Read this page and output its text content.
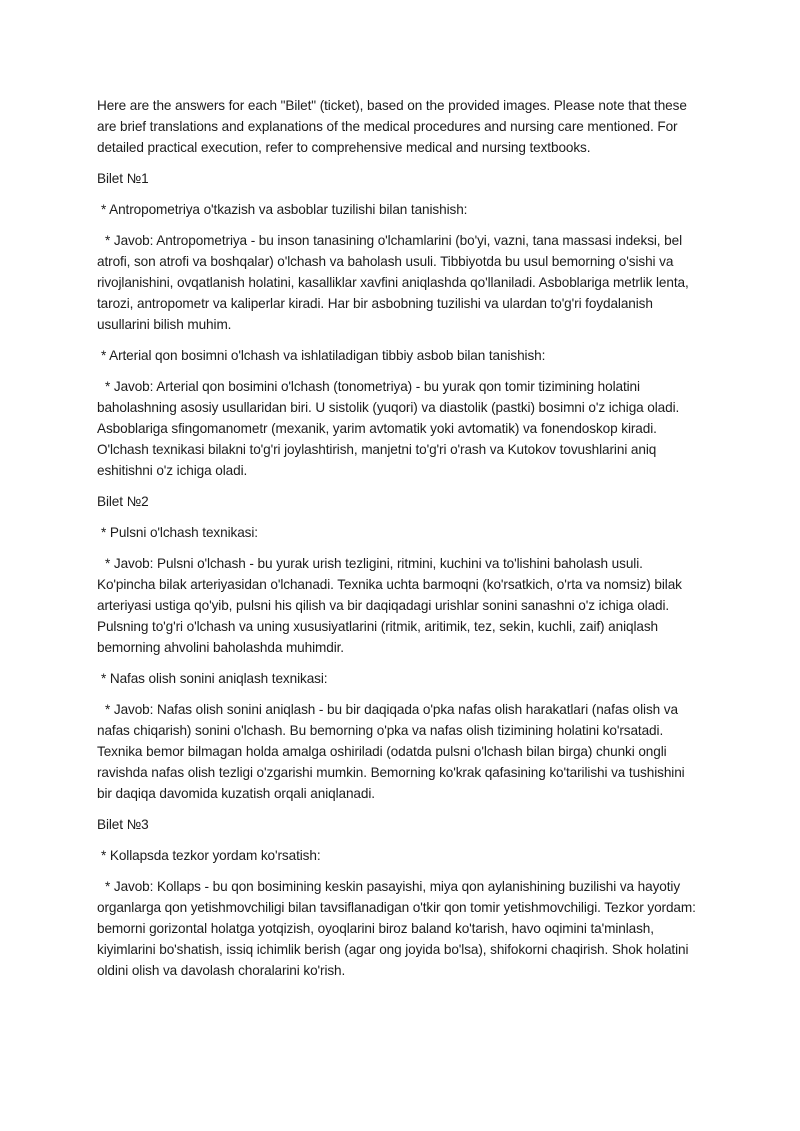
Here are the answers for each "Bilet" (ticket), based on the provided images. Please note that these are brief translations and explanations of the medical procedures and nursing care mentioned. For detailed practical execution, refer to comprehensive medical and nursing textbooks.

Bilet №1

* Antropometriya o'tkazish va asboblar tuzilishi bilan tanishish:

* Javob: Antropometriya - bu inson tanasining o'lchamlarini (bo'yi, vazni, tana massasi indeksi, bel atrofi, son atrofi va boshqalar) o'lchash va baholash usuli. Tibbiyotda bu usul bemorning o'sishi va rivojlanishini, ovqatlanish holatini, kasalliklar xavfini aniqlashda qo'llaniladi. Asboblariga metrlik lenta, tarozi, antropometr va kaliperlar kiradi. Har bir asbobning tuzilishi va ulardan to'g'ri foydalanish usullarini bilish muhim.

* Arterial qon bosimni o'lchash va ishlatiladigan tibbiy asbob bilan tanishish:

* Javob: Arterial qon bosimini o'lchash (tonometriya) - bu yurak qon tomir tizimining holatini baholashning asosiy usullaridan biri. U sistolik (yuqori) va diastolik (pastki) bosimni o'z ichiga oladi. Asboblariga sfingomanometr (mexanik, yarim avtomatik yoki avtomatik) va fonendoskop kiradi. O'lchash texnikasi bilakni to'g'ri joylashtirish, manjetni to'g'ri o'rash va Kutokov tovushlarini aniq eshitishni o'z ichiga oladi.

Bilet №2

* Pulsni o'lchash texnikasi:

* Javob: Pulsni o'lchash - bu yurak urish tezligini, ritmini, kuchini va to'lishini baholash usuli. Ko'pincha bilak arteriyasidan o'lchanadi. Texnika uchta barmoqni (ko'rsatkich, o'rta va nomsiz) bilak arteriyasi ustiga qo'yib, pulsni his qilish va bir daqiqadagi urishlar sonini sanashni o'z ichiga oladi. Pulsning to'g'ri o'lchash va uning xususiyatlarini (ritmik, aritimik, tez, sekin, kuchli, zaif) aniqlash bemorning ahvolini baholashda muhimdir.

* Nafas olish sonini aniqlash texnikasi:

* Javob: Nafas olish sonini aniqlash - bu bir daqiqada o'pka nafas olish harakatlari (nafas olish va nafas chiqarish) sonini o'lchash. Bu bemorning o'pka va nafas olish tizimining holatini ko'rsatadi. Texnika bemor bilmagan holda amalga oshiriladi (odatda pulsni o'lchash bilan birga) chunki ongli ravishda nafas olish tezligi o'zgarishi mumkin. Bemorning ko'krak qafasining ko'tarilishi va tushishini bir daqiqa davomida kuzatish orqali aniqlanadi.

Bilet №3

* Kollapsda tezkor yordam ko'rsatish:

* Javob: Kollaps - bu qon bosimining keskin pasayishi, miya qon aylanishining buzilishi va hayotiy organlarga qon yetishmovchiligi bilan tavsiflanadigan o'tkir qon tomir yetishmovchiligi. Tezkor yordam: bemorni gorizontal holatga yotqizish, oyoqlarini biroz baland ko'tarish, havo oqimini ta'minlash, kiyimlarini bo'shatish, issiq ichimlik berish (agar ong joyida bo'lsa), shifokorni chaqirish. Shok holatini oldini olish va davolash choralarini ko'rish.
